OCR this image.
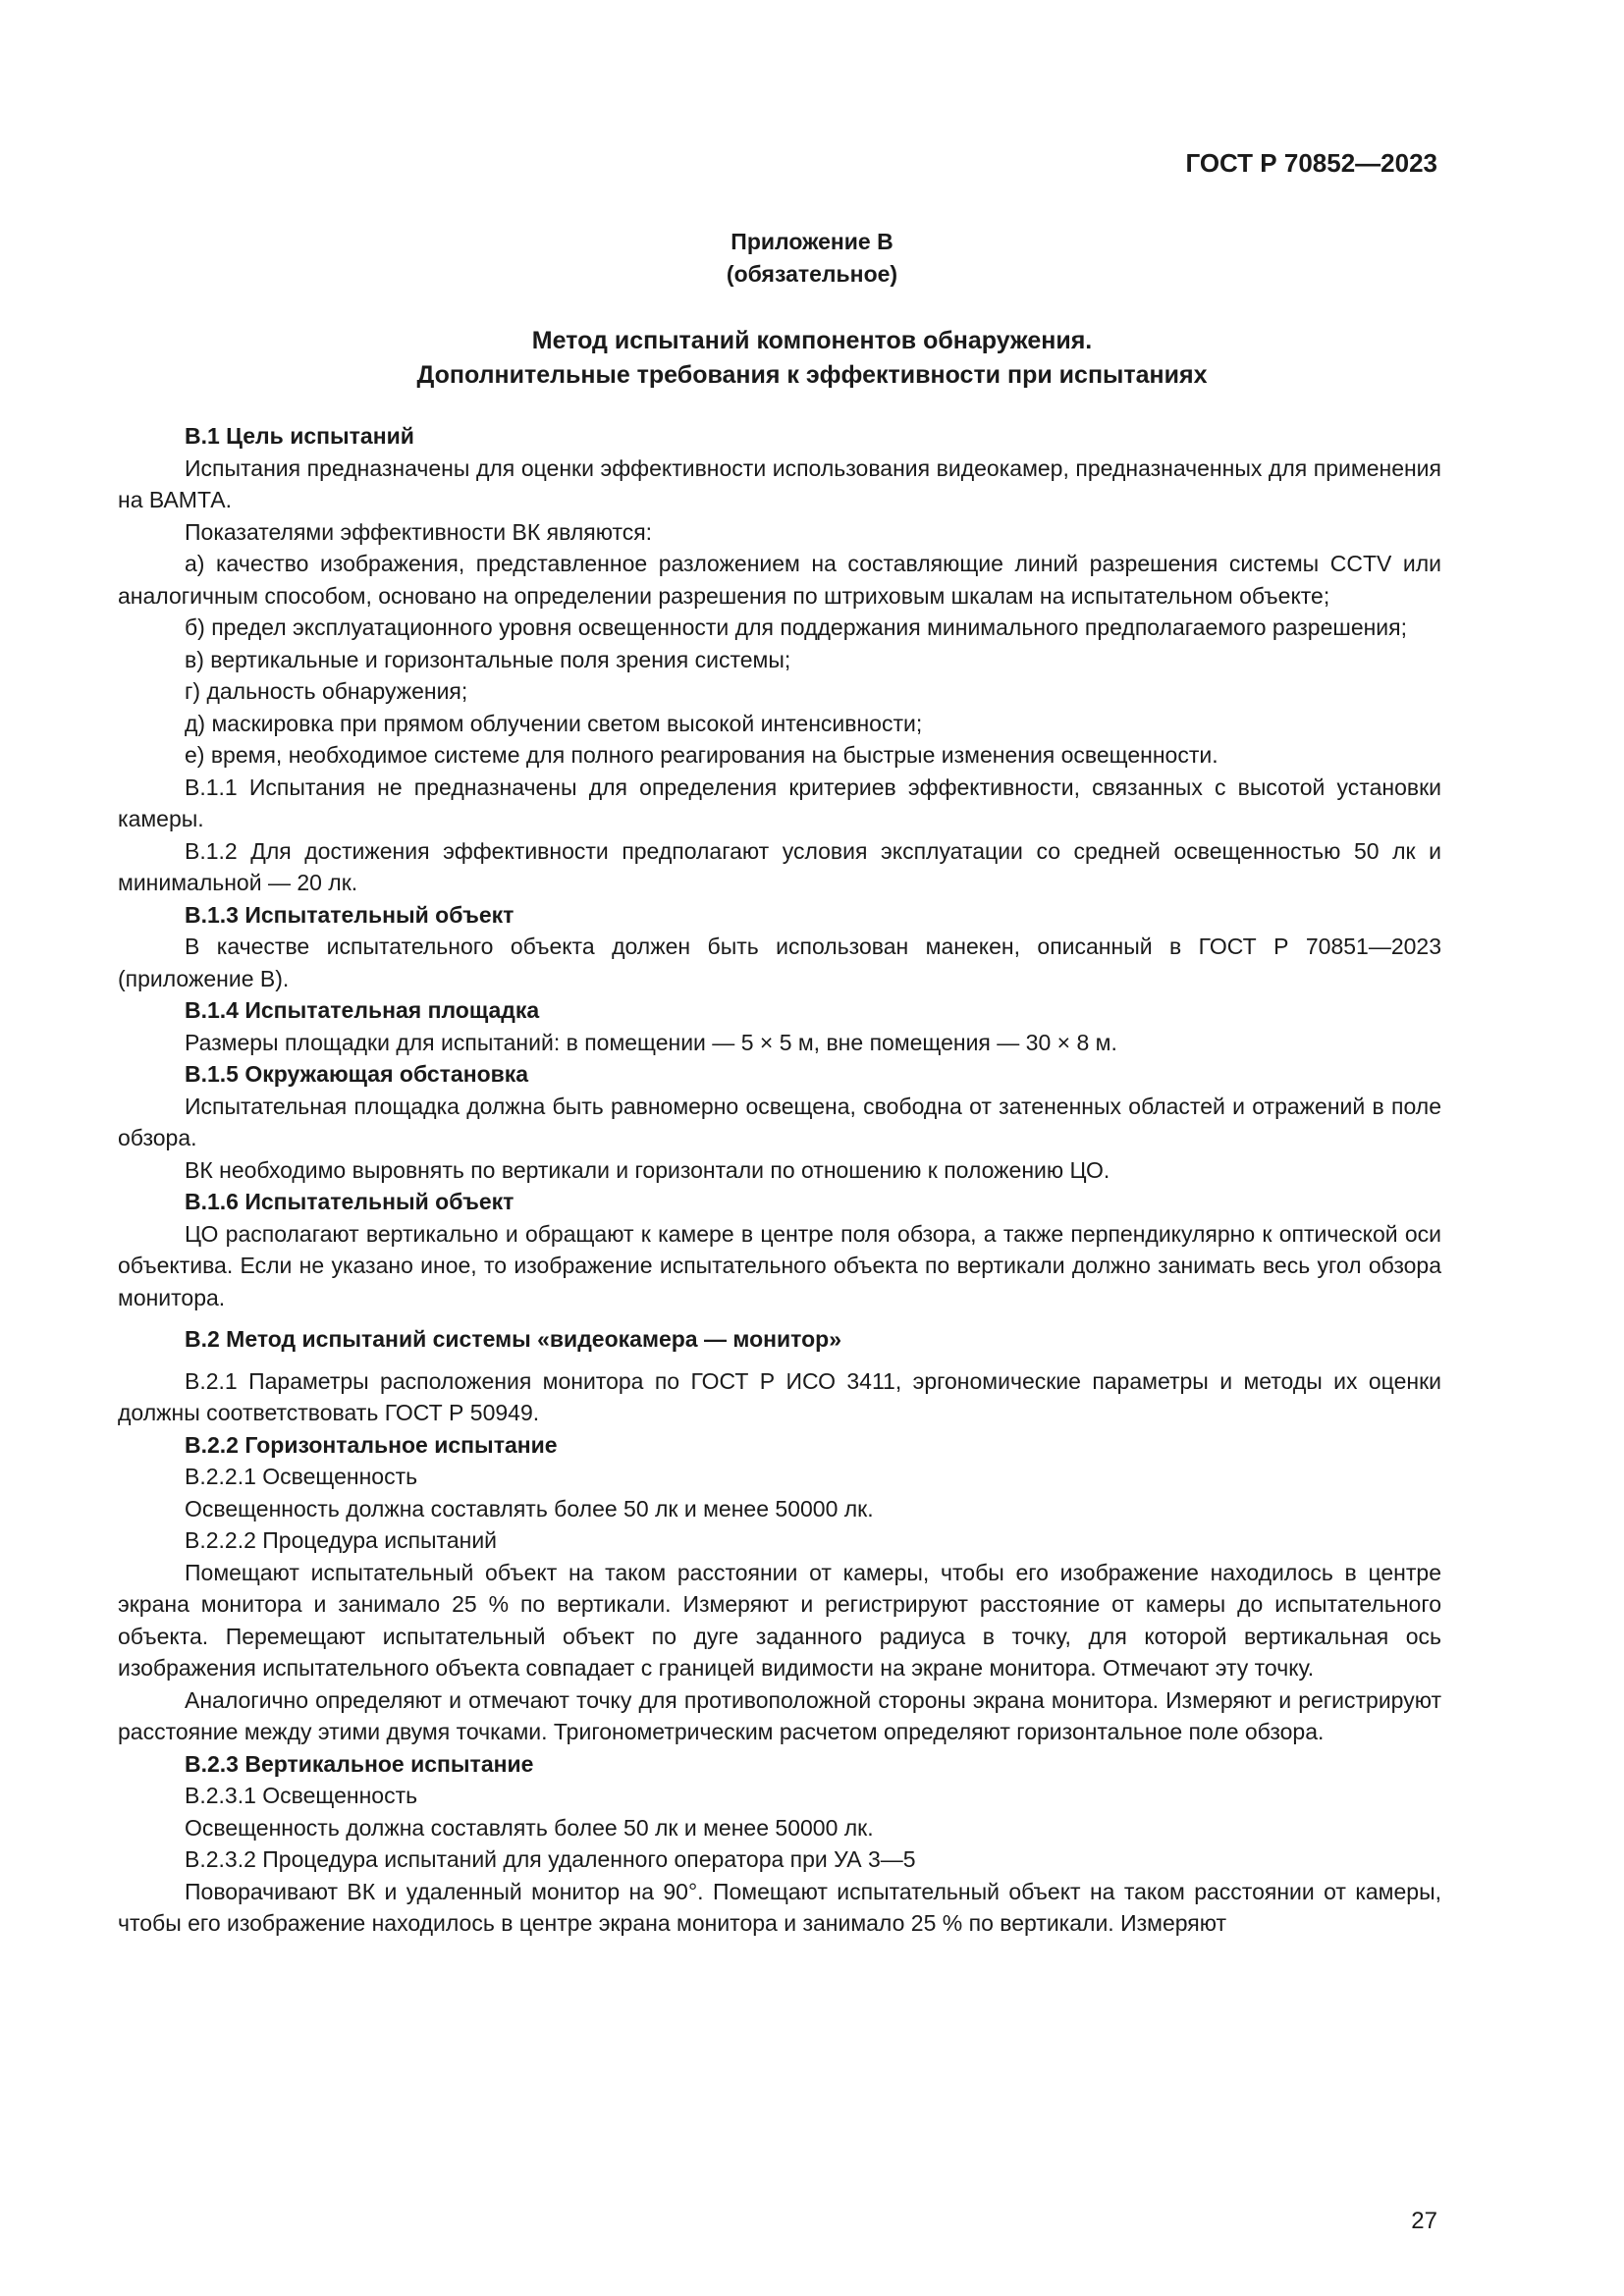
ГОСТ Р 70852—2023
Приложение В
(обязательное)
Метод испытаний компонентов обнаружения.
Дополнительные требования к эффективности при испытаниях

В.1 Цель испытаний

Испытания предназначены для оценки эффективности использования видеокамер, предназначенных для применения на ВАМТА.

Показателями эффективности ВК являются:

а) качество изображения, представленное разложением на составляющие линий разрешения системы CCTV или аналогичным способом, основано на определении разрешения по штриховым шкалам на испытательном объекте;

б) предел эксплуатационного уровня освещенности для поддержания минимального предполагаемого разрешения;

в) вертикальные и горизонтальные поля зрения системы;

г) дальность обнаружения;

д) маскировка при прямом облучении светом высокой интенсивности;

е) время, необходимое системе для полного реагирования на быстрые изменения освещенности.

В.1.1 Испытания не предназначены для определения критериев эффективности, связанных с высотой установки камеры.

В.1.2 Для достижения эффективности предполагают условия эксплуатации со средней освещенностью 50 лк и минимальной — 20 лк.

В.1.3 Испытательный объект

В качестве испытательного объекта должен быть использован манекен, описанный в ГОСТ Р 70851—2023 (приложение В).

В.1.4 Испытательная площадка

Размеры площадки для испытаний: в помещении — 5 × 5 м, вне помещения — 30 × 8 м.

В.1.5 Окружающая обстановка

Испытательная площадка должна быть равномерно освещена, свободна от затененных областей и отражений в поле обзора.

ВК необходимо выровнять по вертикали и горизонтали по отношению к положению ЦО.

В.1.6 Испытательный объект

ЦО располагают вертикально и обращают к камере в центре поля обзора, а также перпендикулярно к оптической оси объектива. Если не указано иное, то изображение испытательного объекта по вертикали должно занимать весь угол обзора монитора.

В.2 Метод испытаний системы «видеокамера — монитор»

В.2.1 Параметры расположения монитора по ГОСТ Р ИСО 3411, эргономические параметры и методы их оценки должны соответствовать ГОСТ Р 50949.

В.2.2 Горизонтальное испытание

В.2.2.1 Освещенность

Освещенность должна составлять более 50 лк и менее 50000 лк.

В.2.2.2 Процедура испытаний

Помещают испытательный объект на таком расстоянии от камеры, чтобы его изображение находилось в центре экрана монитора и занимало 25 % по вертикали. Измеряют и регистрируют расстояние от камеры до испытательного объекта. Перемещают испытательный объект по дуге заданного радиуса в точку, для которой вертикальная ось изображения испытательного объекта совпадает с границей видимости на экране монитора. Отмечают эту точку.

Аналогично определяют и отмечают точку для противоположной стороны экрана монитора. Измеряют и регистрируют расстояние между этими двумя точками. Тригонометрическим расчетом определяют горизонтальное поле обзора.

В.2.3 Вертикальное испытание

В.2.3.1 Освещенность

Освещенность должна составлять более 50 лк и менее 50000 лк.

В.2.3.2 Процедура испытаний для удаленного оператора при УА 3—5

Поворачивают ВК и удаленный монитор на 90°. Помещают испытательный объект на таком расстоянии от камеры, чтобы его изображение находилось в центре экрана монитора и занимало 25 % по вертикали. Измеряют

27
